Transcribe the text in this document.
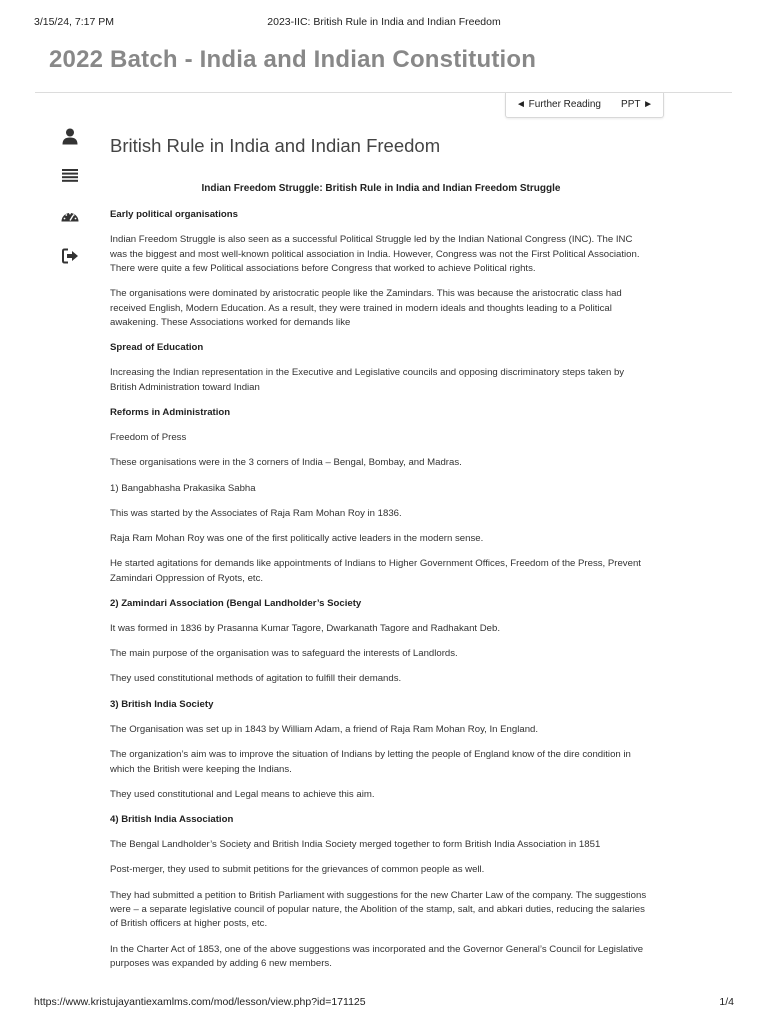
3/15/24, 7:17 PM	2023-IIC: British Rule in India and Indian Freedom
2022 Batch - India and Indian Constitution
◄ Further Reading PPT ►
British Rule in India and Indian Freedom
Indian Freedom Struggle: British Rule in India and Indian Freedom Struggle

Early political organisations

Indian Freedom Struggle is also seen as a successful Political Struggle led by the Indian National Congress (INC). The INC was the biggest and most well-known political association in India. However, Congress was not the First Political Association. There were quite a few Political associations before Congress that worked to achieve Political rights.

The organisations were dominated by aristocratic people like the Zamindars. This was because the aristocratic class had received English, Modern Education. As a result, they were trained in modern ideals and thoughts leading to a Political awakening. These Associations worked for demands like

Spread of Education

Increasing the Indian representation in the Executive and Legislative councils and opposing discriminatory steps taken by British Administration toward Indian

Reforms in Administration

Freedom of Press

These organisations were in the 3 corners of India – Bengal, Bombay, and Madras.

1) Bangabhasha Prakasika Sabha

This was started by the Associates of Raja Ram Mohan Roy in 1836.

Raja Ram Mohan Roy was one of the first politically active leaders in the modern sense.

He started agitations for demands like appointments of Indians to Higher Government Offices, Freedom of the Press, Prevent Zamindari Oppression of Ryots, etc.

2) Zamindari Association (Bengal Landholder’s Society

It was formed in 1836 by Prasanna Kumar Tagore, Dwarkanath Tagore and Radhakant Deb.

The main purpose of the organisation was to safeguard the interests of Landlords.

They used constitutional methods of agitation to fulfill their demands.

3) British India Society

The Organisation was set up in 1843 by William Adam, a friend of Raja Ram Mohan Roy, In England.

The organization’s aim was to improve the situation of Indians by letting the people of England know of the dire condition in which the British were keeping the Indians.

They used constitutional and Legal means to achieve this aim.

4) British India Association

The Bengal Landholder’s Society and British India Society merged together to form British India Association in 1851

Post-merger, they used to submit petitions for the grievances of common people as well.

They had submitted a petition to British Parliament with suggestions for the new Charter Law of the company. The suggestions were – a separate legislative council of popular nature, the Abolition of the stamp, salt, and abkari duties, reducing the salaries of British officers at higher posts, etc.

In the Charter Act of 1853, one of the above suggestions was incorporated and the Governor General’s Council for Legislative purposes was expanded by adding 6 new members.

https://www.kristujayantiexamlms.com/mod/lesson/view.php?id=171125	1/4
